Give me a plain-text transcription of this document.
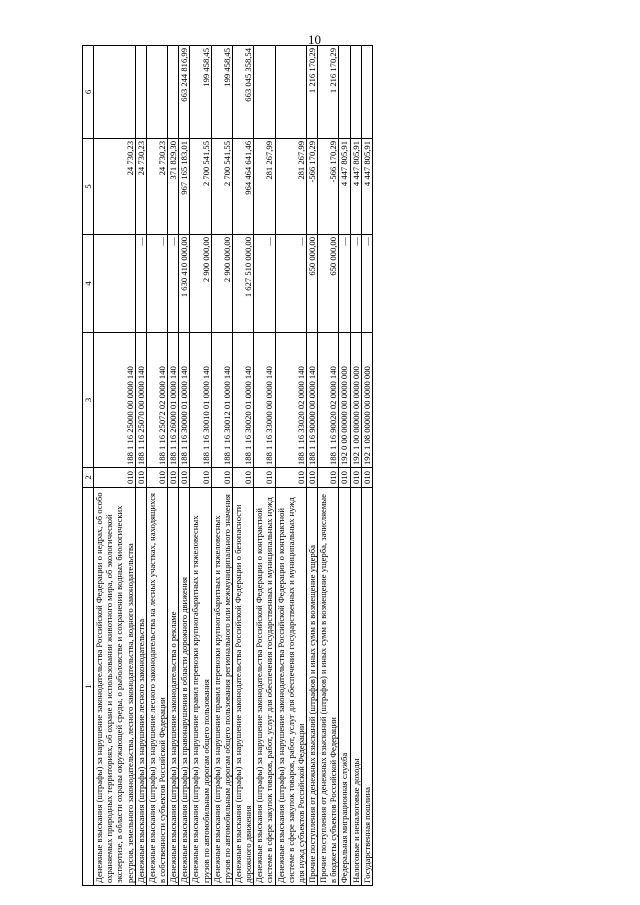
10
1	2	3	4	5	6
Денежные взыскания (штрафы) за нарушение законодательства Российской Федерации о недрах, об особо охраняемых природных территориях, об охране и использовании животного мира, об экологической экспертизе, в области охраны окружающей среды, о рыболовстве и сохранении водных биологических ресурсов, земельного законодательства, лесного законодательства, водного законодательства	010	188 1 16 25000 00 0000 140		24 730,23	
Денежные взыскания (штрафы) за нарушение лесного законодательства	010	188 1 16 25070 00 0000 140	—	24 730,23	
Денежные взыскания (штрафы) за нарушение лесного законодательства на лесных участках, находящихся в собственности субъектов Российской Федерации	010	188 1 16 25072 02 0000 140	—	24 730,23	
Денежные взыскания (штрафы) за нарушение законодательства о рекламе	010	188 1 16 26000 01 0000 140	—	371 829,30	
Денежные взыскания (штрафы) за правонарушения в области дорожного движения	010	188 1 16 30000 01 0000 140	1 630 410 000,00	967 165 183,01	663 244 816,99
Денежные взыскания (штрафы) за нарушение правил перевозки крупногабаритных и тяжеловесных грузов по автомобильным дорогам общего пользования	010	188 1 16 30010 01 0000 140	2 900 000,00	2 700 541,55	199 458,45
Денежные взыскания (штрафы) за нарушение правил перевозки крупногабаритных и тяжеловесных грузов по автомобильным дорогам общего пользования регионального или межмуниципального значения	010	188 1 16 30012 01 0000 140	2 900 000,00	2 700 541,55	199 458,45
Денежные взыскания (штрафы) за нарушение законодательства Российской Федерации о безопасности дорожного движения	010	188 1 16 30020 01 0000 140	1 627 510 000,00	964 464 641,46	663 045 358,54
Денежные взыскания (штрафы) за нарушение законодательства Российской Федерации о контрактной системе в сфере закупок товаров, работ, услуг для обеспечения государственных и муниципальных нужд	010	188 1 16 33000 00 0000 140	—	281 267,99	
Денежные взыскания (штрафы) за нарушение законодательства Российской Федерации о контрактной системе в сфере закупок товаров, работ, услуг для обеспечения государственных и муниципальных нужд для нужд субъектов Российской Федерации	010	188 1 16 33020 02 0000 140	—	281 267,99	
Прочие поступления от денежных взысканий (штрафов) и иных сумм в возмещение ущерба	010	188 1 16 90000 00 0000 140	650 000,00	-566 170,29	1 216 170,29
Прочие поступления от денежных взысканий (штрафов) и иных сумм в возмещение ущерба, зачисляемые в бюджеты субъектов Российской Федерации	010	188 1 16 90020 02 0000 140	650 000,00	-566 170,29	1 216 170,29
Федеральная миграционная служба	010	192 0 00 00000 00 0000 000	—	4 447 805,91	
Налоговые и неналоговые доходы	010	192 1 00 00000 00 0000 000	—	4 447 805,91	
Государственная пошлина	010	192 1 08 00000 00 0000 000	—	4 447 805,91	
